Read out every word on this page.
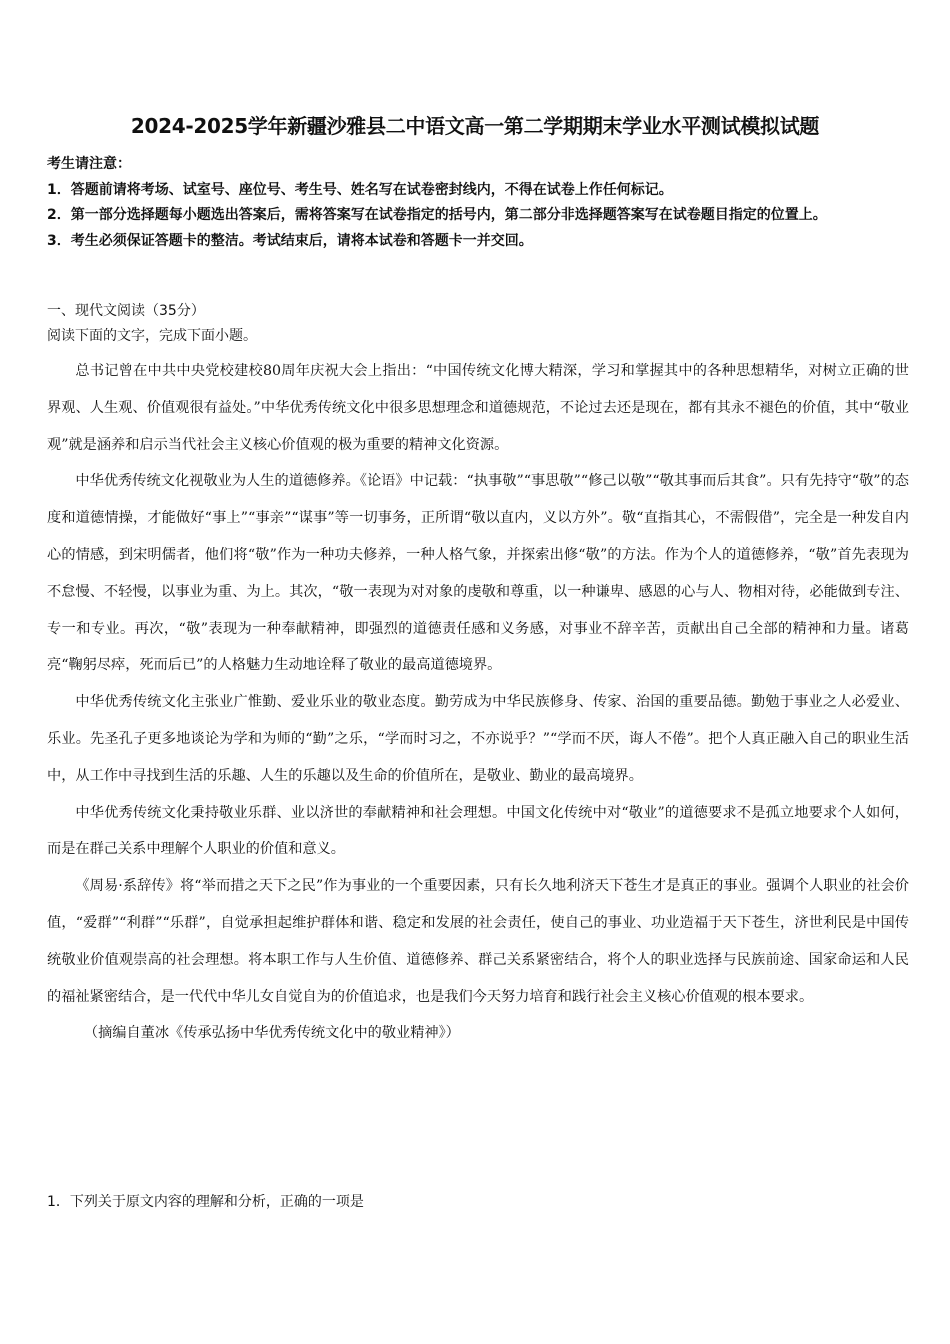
2024-2025学年新疆沙雅县二中语文高一第二学期期末学业水平测试模拟试题
考生请注意：
1．答题前请将考场、试室号、座位号、考生号、姓名写在试卷密封线内，不得在试卷上作任何标记。
2．第一部分选择题每小题选出答案后，需将答案写在试卷指定的括号内，第二部分非选择题答案写在试卷题目指定的位置上。
3．考生必须保证答题卡的整洁。考试结束后，请将本试卷和答题卡一并交回。
一、现代文阅读（35分）
阅读下面的文字，完成下面小题。

总书记曾在中共中央党校建校80周年庆祝大会上指出：“中国传统文化博大精深，学习和掌握其中的各种思想精华，对树立正确的世界观、人生观、价值观很有益处。”中华优秀传统文化中很多思想理念和道德规范，不论过去还是现在，都有其永不褪色的价值，其中“敬业观”就是涵养和启示当代社会主义核心价值观的极为重要的精神文化资源。

中华优秀传统文化视敬业为人生的道德修养。《论语》中记载：“执事敬”“事思敬”“修己以敬”“敬其事而后其食”。只有先持守“敬”的态度和道德情操，才能做好“事上”“事亲”“谋事”等一切事务，正所谓“敬以直内，义以方外”。敬“直指其心，不需假借”，完全是一种发自内心的情感，到宋明儒者，他们将“敬”作为一种功夫修养，一种人格气象，并探索出修“敬”的方法。作为个人的道德修养，“敬”首先表现为不怠慢、不轻慢，以事业为重、为上。其次，“敬一表现为对对象的虔敬和尊重，以一种谦卑、感恩的心与人、物相对待，必能做到专注、专一和专业。再次，“敬”表现为一种奉献精神，即强烈的道德责任感和义务感，对事业不辞辛苦，贡献出自己全部的精神和力量。诸葛亮“鞠躬尽瘁，死而后已”的人格魅力生动地诠释了敬业的最高道德境界。

中华优秀传统文化主张业广惟勤、爱业乐业的敬业态度。勤劳成为中华民族修身、传家、治国的重要品德。勤勉于事业之人必爱业、乐业。先圣孔子更多地谈论为学和为师的“勤”之乐，“学而时习之，不亦说乎？”“学而不厌，诲人不倦”。把个人真正融入自己的职业生活中，从工作中寻找到生活的乐趣、人生的乐趣以及生命的价值所在，是敬业、勤业的最高境界。

中华优秀传统文化秉持敬业乐群、业以济世的奉献精神和社会理想。中国文化传统中对“敬业”的道德要求不是孤立地要求个人如何，而是在群己关系中理解个人职业的价值和意义。

《周易·系辞传》将“举而措之天下之民”作为事业的一个重要因素，只有长久地利济天下苍生才是真正的事业。强调个人职业的社会价值，“爱群”“利群”“乐群”，自觉承担起维护群体和谐、稳定和发展的社会责任，使自己的事业、功业造福于天下苍生，济世利民是中国传统敬业价值观崇高的社会理想。将本职工作与人生价值、道德修养、群己关系紧密结合，将个人的职业选择与民族前途、国家命运和人民的福祉紧密结合，是一代代中华儿女自觉自为的价值追求，也是我们今天努力培育和践行社会主义核心价值观的根本要求。

（摘编自董冰《传承弘扬中华优秀传统文化中的敬业精神》）

1．下列关于原文内容的理解和分析，正确的一项是
